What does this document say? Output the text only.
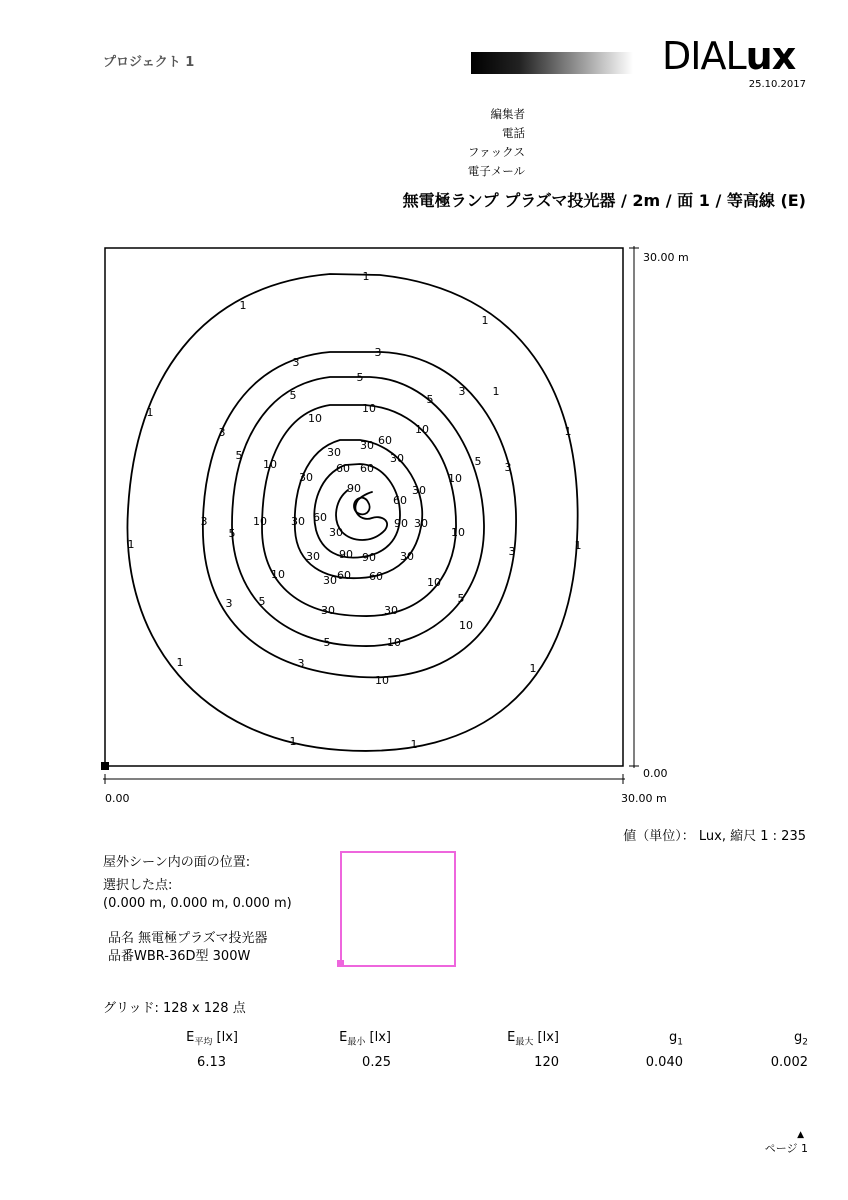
プロジェクト 1	DIALux
25.10.2017
編集者
電話
ファックス
電子メール
無電極ランプ プラズマ投光器 / 2m / 面 1 / 等高線 (E)
30.00 m
0.00
0.00	30.00 m
1
1
1
1
1
1	1
1	1
1	1
1
3
3
3
3
3
3
3
3
3
5
5	5
5	5
5
5
5
5
10
10
10
10
10
10
10
10
10
10
10
10
30	30
30
30
30	30
30
30
30	30
30	30
60 60
60
60 60
60
60	90
90 90
90
30
値（単位）： Lux, 縮尺 1 : 235
屋外シーン内の面の位置:
選択した点:
(0.000 m, 0.000 m, 0.000 m)
品名 無電極プラズマ投光器
品番WBR-36D型 300W
グリッド: 128 x 128 点
$E_{平均}$ [lx]	$E_{最小}$ [lx]	$E_{最大}$ [lx]	$g_1$	$g_2$
6.13	0.25	120	0.040	0.002
▲
ページ 1
